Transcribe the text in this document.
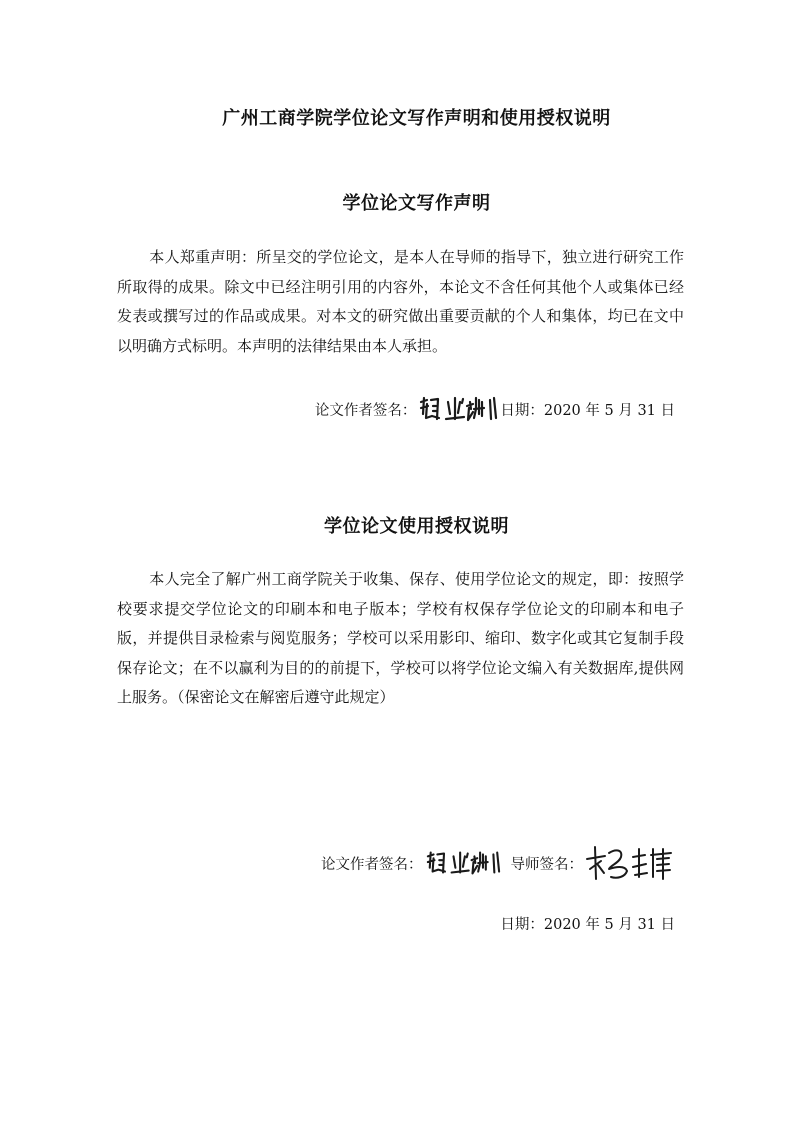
广州工商学院学位论文写作声明和使用授权说明
学位论文写作声明

本人郑重声明：所呈交的学位论文，是本人在导师的指导下，独立进行研究工作所取得的成果。除文中已经注明引用的内容外，本论文不含任何其他个人或集体已经发表或撰写过的作品或成果。对本文的研究做出重要贡献的个人和集体，均已在文中以明确方式标明。本声明的法律结果由本人承担。

论文作者签名：	日期： 2020 年 5 月 31 日
学位论文使用授权说明

本人完全了解广州工商学院关于收集、保存、使用学位论文的规定，即：按照学校要求提交学位论文的印刷本和电子版本；学校有权保存学位论文的印刷本和电子版，并提供目录检索与阅览服务；学校可以采用影印、缩印、数字化或其它复制手段保存论文；在不以赢利为目的的前提下，学校可以将学位论文编入有关数据库,提供网上服务。（保密论文在解密后遵守此规定）

论文作者签名：	导师签名：
日期： 2020 年 5 月 31 日
